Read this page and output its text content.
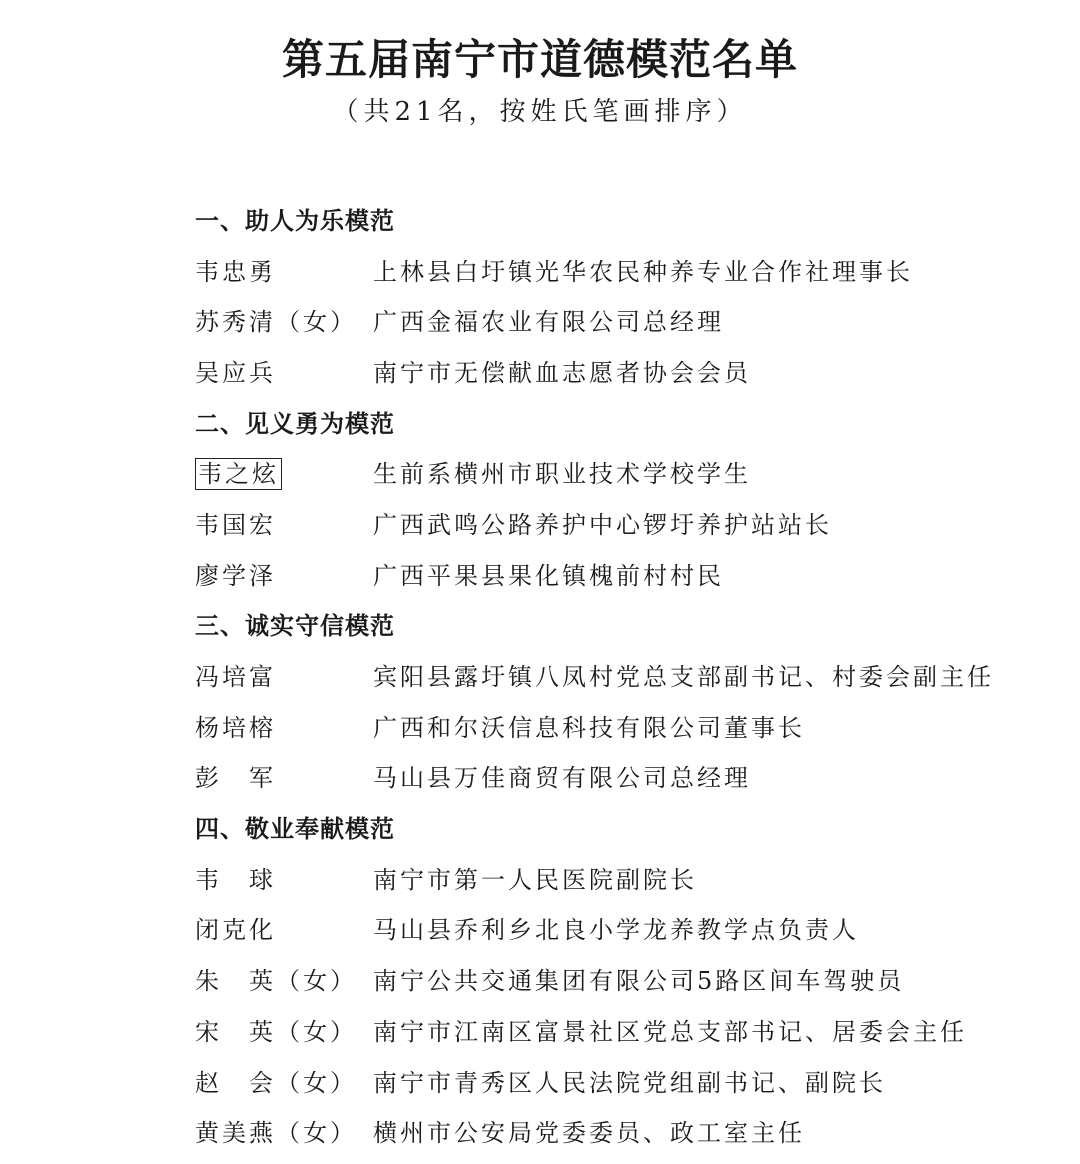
第五届南宁市道德模范名单
（共21名，按姓氏笔画排序）
一、助人为乐模范
韦忠勇	上林县白圩镇光华农民种养专业合作社理事长
苏秀清（女） 广西金福农业有限公司总经理
吴应兵	南宁市无偿献血志愿者协会会员
二、见义勇为模范
韦之炫	生前系横州市职业技术学校学生
韦国宏	广西武鸣公路养护中心锣圩养护站站长
廖学泽	广西平果县果化镇槐前村村民
三、诚实守信模范
冯培富	宾阳县露圩镇八凤村党总支部副书记、村委会副主任
杨培榕	广西和尔沃信息科技有限公司董事长
彭　军	马山县万佳商贸有限公司总经理
四、敬业奉献模范
韦　球	南宁市第一人民医院副院长
闭克化	马山县乔利乡北良小学龙养教学点负责人
朱　英（女） 南宁公共交通集团有限公司5路区间车驾驶员
宋　英（女） 南宁市江南区富景社区党总支部书记、居委会主任
赵　会（女） 南宁市青秀区人民法院党组副书记、副院长
黄美燕（女） 横州市公安局党委委员、政工室主任
